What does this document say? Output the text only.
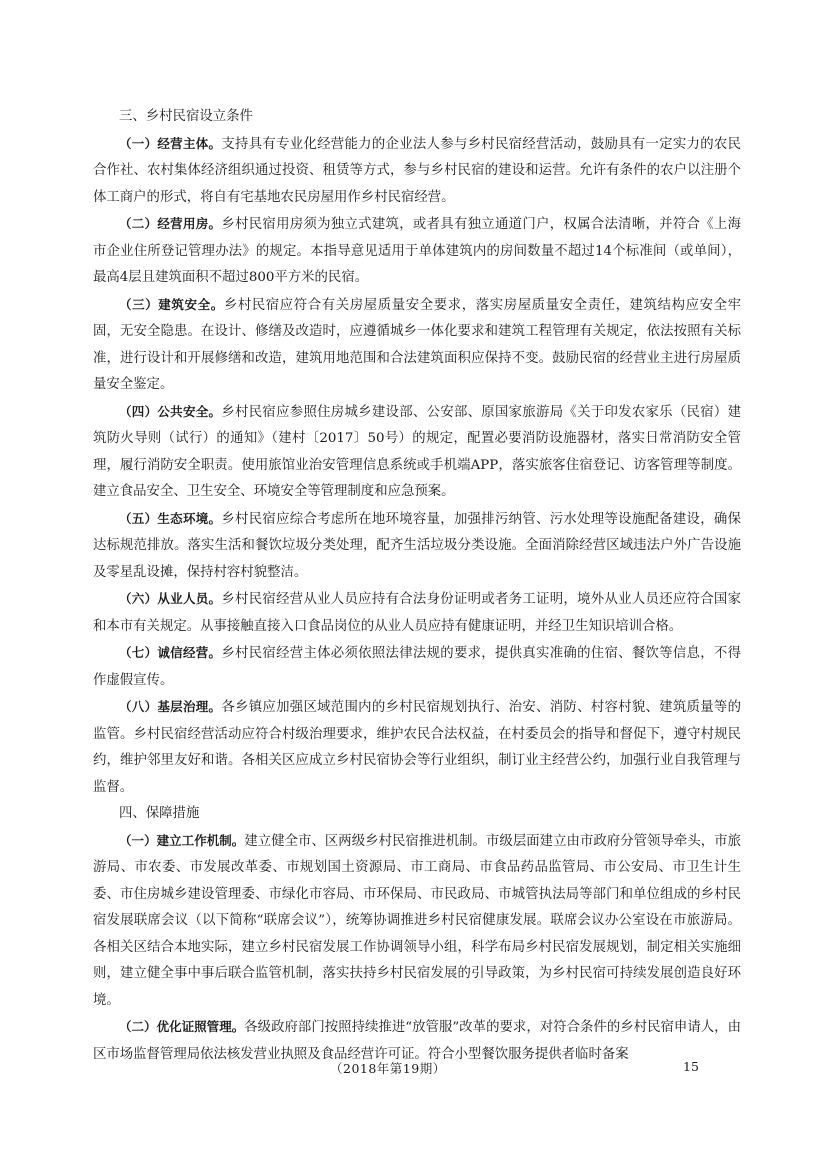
三、乡村民宿设立条件

（一）经营主体。支持具有专业化经营能力的企业法人参与乡村民宿经营活动，鼓励具有一定实力的农民合作社、农村集体经济组织通过投资、租赁等方式，参与乡村民宿的建设和运营。允许有条件的农户以注册个体工商户的形式，将自有宅基地农民房屋用作乡村民宿经营。

（二）经营用房。乡村民宿用房须为独立式建筑，或者具有独立通道门户，权属合法清晰，并符合《上海市企业住所登记管理办法》的规定。本指导意见适用于单体建筑内的房间数量不超过14个标准间（或单间），最高4层且建筑面积不超过800平方米的民宿。

（三）建筑安全。乡村民宿应符合有关房屋质量安全要求，落实房屋质量安全责任，建筑结构应安全牢固，无安全隐患。在设计、修缮及改造时，应遵循城乡一体化要求和建筑工程管理有关规定，依法按照有关标准，进行设计和开展修缮和改造，建筑用地范围和合法建筑面积应保持不变。鼓励民宿的经营业主进行房屋质量安全鉴定。

（四）公共安全。乡村民宿应参照住房城乡建设部、公安部、原国家旅游局《关于印发农家乐（民宿）建筑防火导则（试行）的通知》（建村〔2017〕50号）的规定，配置必要消防设施器材，落实日常消防安全管理，履行消防安全职责。使用旅馆业治安管理信息系统或手机端APP，落实旅客住宿登记、访客管理等制度。建立食品安全、卫生安全、环境安全等管理制度和应急预案。

（五）生态环境。乡村民宿应综合考虑所在地环境容量，加强排污纳管、污水处理等设施配备建设，确保达标规范排放。落实生活和餐饮垃圾分类处理，配齐生活垃圾分类设施。全面消除经营区域违法户外广告设施及零星乱设摊，保持村容村貌整洁。

（六）从业人员。乡村民宿经营从业人员应持有合法身份证明或者务工证明，境外从业人员还应符合国家和本市有关规定。从事接触直接入口食品岗位的从业人员应持有健康证明，并经卫生知识培训合格。

（七）诚信经营。乡村民宿经营主体必须依照法律法规的要求，提供真实准确的住宿、餐饮等信息，不得作虚假宣传。

（八）基层治理。各乡镇应加强区域范围内的乡村民宿规划执行、治安、消防、村容村貌、建筑质量等的监管。乡村民宿经营活动应符合村级治理要求，维护农民合法权益，在村委员会的指导和督促下，遵守村规民约，维护邻里友好和谐。各相关区应成立乡村民宿协会等行业组织，制订业主经营公约，加强行业自我管理与监督。

四、保障措施

（一）建立工作机制。建立健全市、区两级乡村民宿推进机制。市级层面建立由市政府分管领导牵头，市旅游局、市农委、市发展改革委、市规划国土资源局、市工商局、市食品药品监管局、市公安局、市卫生计生委、市住房城乡建设管理委、市绿化市容局、市环保局、市民政局、市城管执法局等部门和单位组成的乡村民宿发展联席会议（以下简称“联席会议”），统筹协调推进乡村民宿健康发展。联席会议办公室设在市旅游局。各相关区结合本地实际，建立乡村民宿发展工作协调领导小组，科学布局乡村民宿发展规划，制定相关实施细则，建立健全事中事后联合监管机制，落实扶持乡村民宿发展的引导政策，为乡村民宿可持续发展创造良好环境。

（二）优化证照管理。各级政府部门按照持续推进“放管服”改革的要求，对符合条件的乡村民宿申请人，由区市场监督管理局依法核发营业执照及食品经营许可证。符合小型餐饮服务提供者临时备案

（2018年第19期）	15
